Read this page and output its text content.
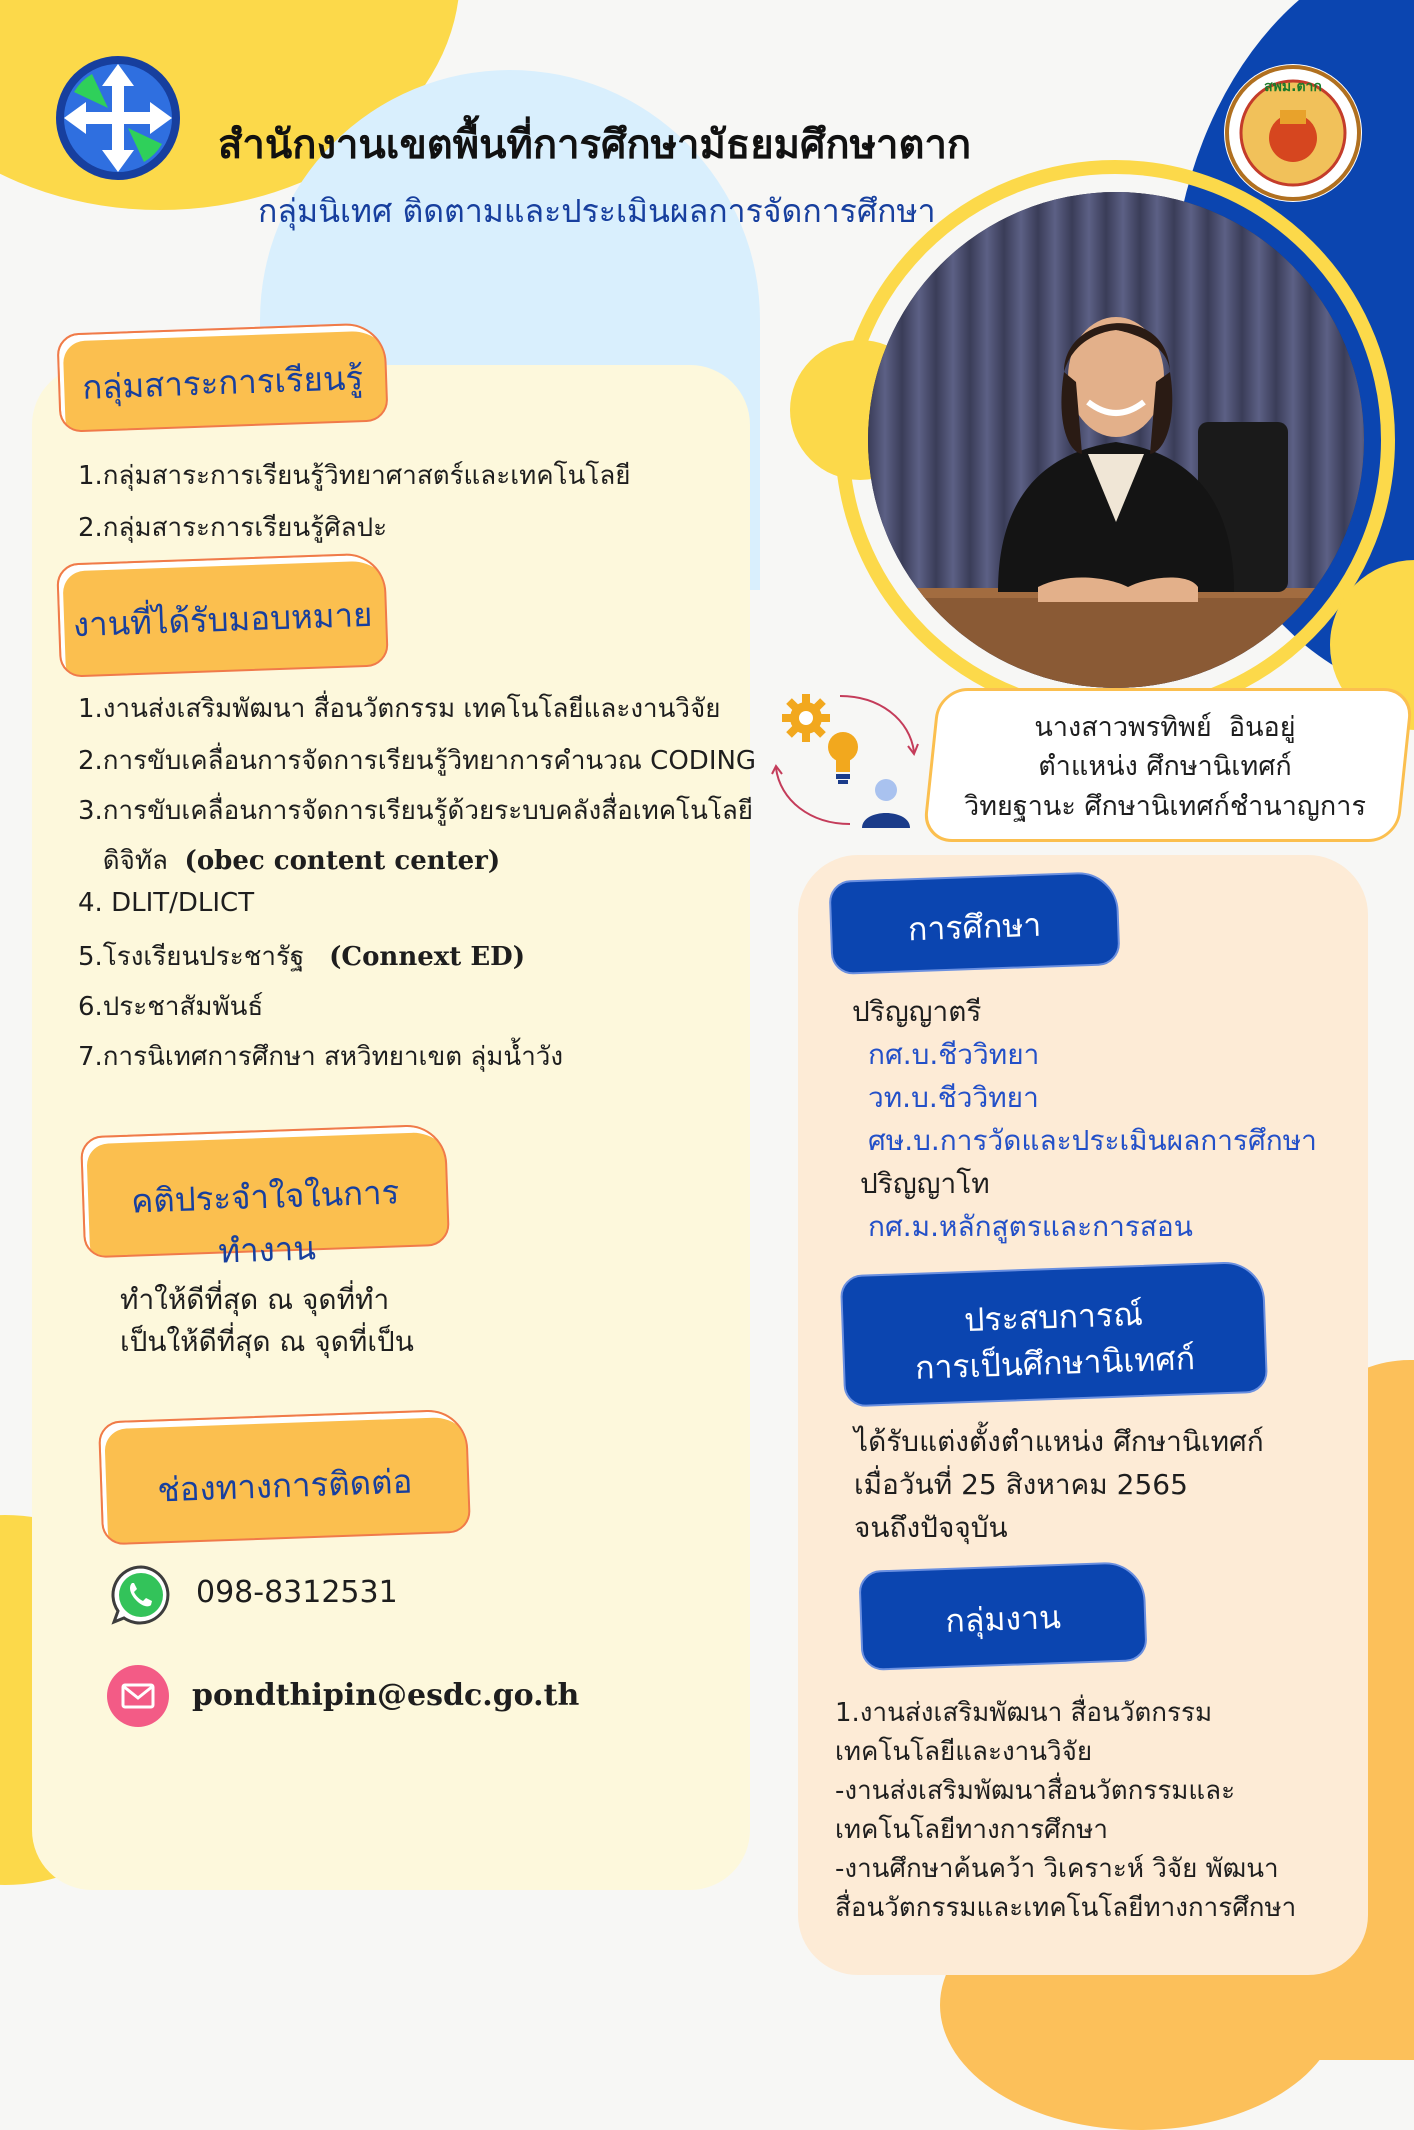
สำนักงานเขตพื้นที่การศึกษามัธยมศึกษาตาก
กลุ่มนิเทศ ติดตามและประเมินผลการจัดการศึกษา
สพม.ตาก
กลุ่มสาระการเรียนรู้
1.กลุ่มสาระการเรียนรู้วิทยาศาสตร์และเทคโนโลยี
2.กลุ่มสาระการเรียนรู้ศิลปะ
งานที่ได้รับมอบหมาย
1.งานส่งเสริมพัฒนา สื่อนวัตกรรม เทคโนโลยีและงานวิจัย
2.การขับเคลื่อนการจัดการเรียนรู้วิทยาการคำนวณ CODING
3.การขับเคลื่อนการจัดการเรียนรู้ด้วยระบบคลังสื่อเทคโนโลยี
ดิจิทัล (obec content center)
4. DLIT/DLICT
5.โรงเรียนประชารัฐ (Connext ED)
6.ประชาสัมพันธ์
7.การนิเทศการศึกษา สหวิทยาเขต ลุ่มน้ำวัง
คติประจำใจในการทำงาน
ทำให้ดีที่สุด ณ จุดที่ทำ
เป็นให้ดีที่สุด ณ จุดที่เป็น
ช่องทางการติดต่อ
098-8312531
pondthipin@esdc.go.th
นางสาวพรทิพย์  อินอยู่
ตำแหน่ง ศึกษานิเทศก์
วิทยฐานะ ศึกษานิเทศก์ชำนาญการ
การศึกษา
ปริญญาตรี
กศ.บ.ชีววิทยา
วท.บ.ชีววิทยา
ศษ.บ.การวัดและประเมินผลการศึกษา
ปริญญาโท
กศ.ม.หลักสูตรและการสอน
ประสบการณ์
การเป็นศึกษานิเทศก์
ได้รับแต่งตั้งตำแหน่ง ศึกษานิเทศก์
เมื่อวันที่ 25 สิงหาคม 2565
จนถึงปัจจุบัน
กลุ่มงาน
1.งานส่งเสริมพัฒนา สื่อนวัตกรรม
เทคโนโลยีและงานวิจัย
-งานส่งเสริมพัฒนาสื่อนวัตกรรมและ
เทคโนโลยีทางการศึกษา
-งานศึกษาค้นคว้า วิเคราะห์ วิจัย พัฒนา
สื่อนวัตกรรมและเทคโนโลยีทางการศึกษา
